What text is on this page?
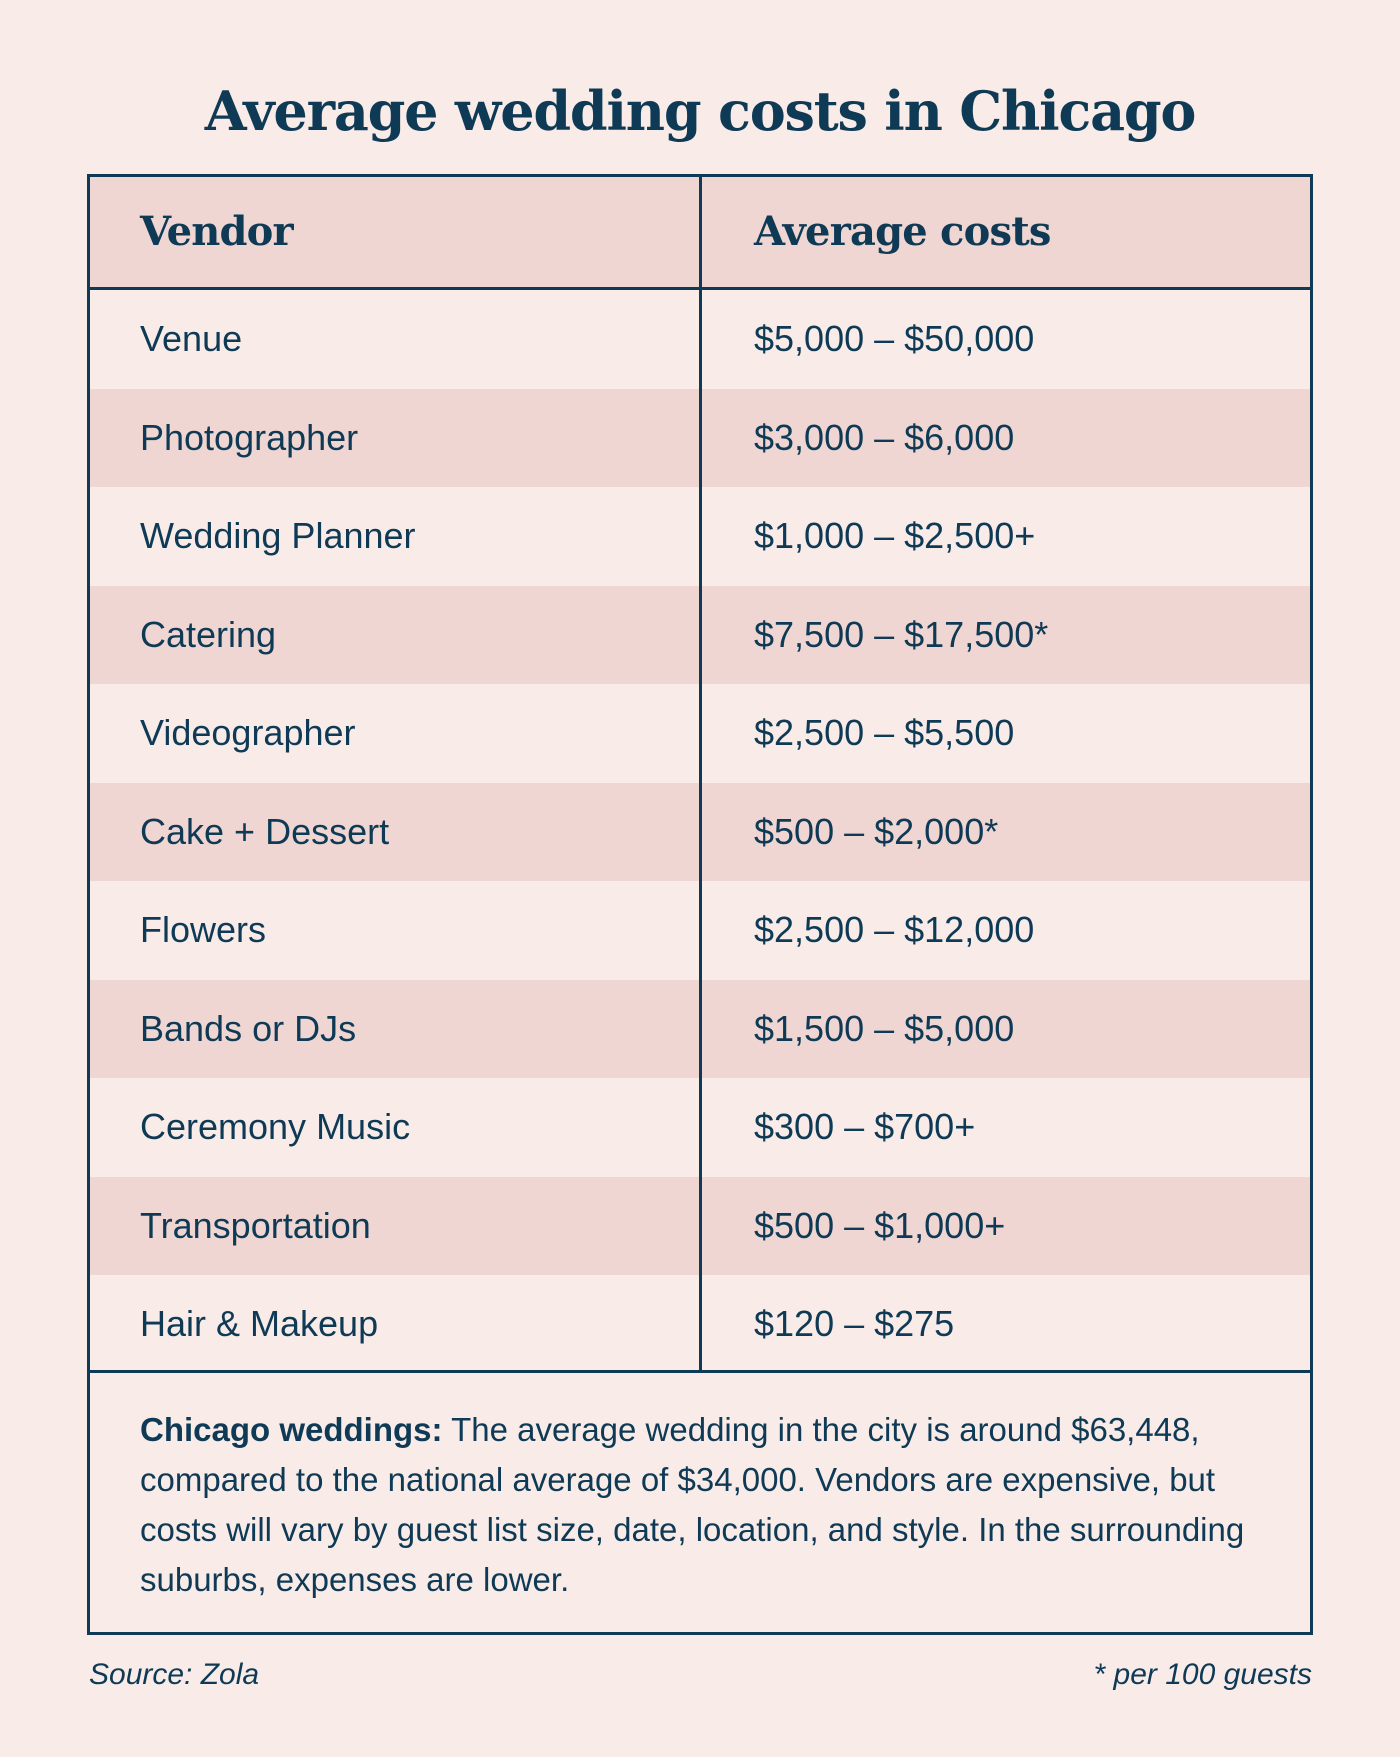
Average wedding costs in Chicago
Vendor	Average costs
Venue	$5,000 – $50,000
Photographer	$3,000 – $6,000
Wedding Planner	$1,000 – $2,500+
Catering	$7,500 – $17,500*
Videographer	$2,500 – $5,500
Cake + Dessert	$500 – $2,000*
Flowers	$2,500 – $12,000
Bands or DJs	$1,500 – $5,000
Ceremony Music	$300 – $700+
Transportation	$500 – $1,000+
Hair & Makeup	$120 – $275
Chicago weddings: The average wedding in the city is around $63,448, compared to the national average of $34,000. Vendors are expensive, but costs will vary by guest list size, date, location, and style. In the surrounding suburbs, expenses are lower.
Source: Zola	* per 100 guests
